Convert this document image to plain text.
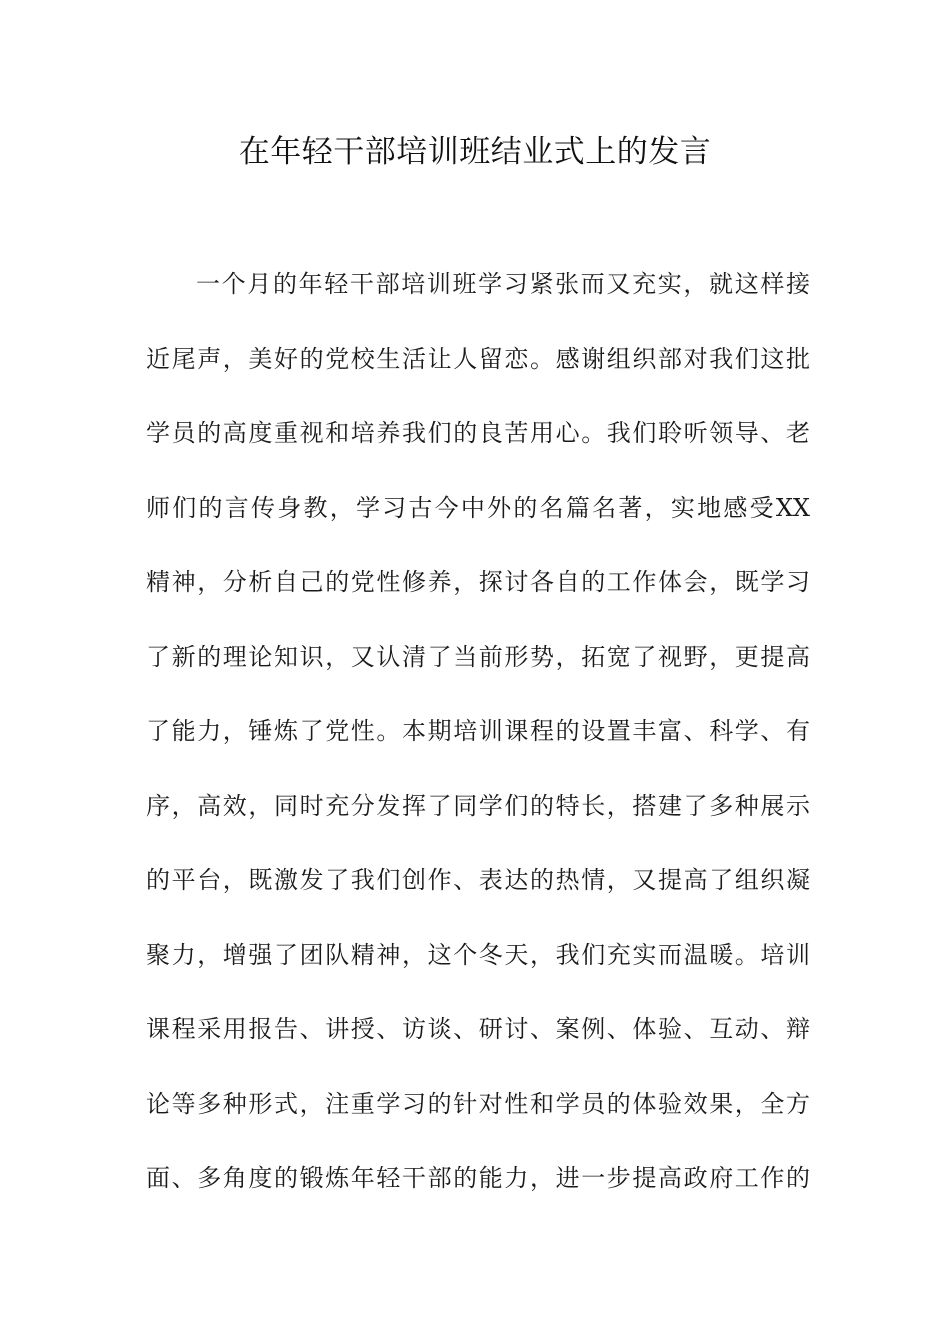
在年轻干部培训班结业式上的发言
一个月的年轻干部培训班学习紧张而又充实，就这样接
近尾声，美好的党校生活让人留恋。感谢组织部对我们这批
学员的高度重视和培养我们的良苦用心。我们聆听领导、老
师们的言传身教，学习古今中外的名篇名著，实地感受XX
精神，分析自己的党性修养，探讨各自的工作体会，既学习
了新的理论知识，又认清了当前形势，拓宽了视野，更提高
了能力，锤炼了党性。本期培训课程的设置丰富、科学、有
序，高效，同时充分发挥了同学们的特长，搭建了多种展示
的平台，既激发了我们创作、表达的热情，又提高了组织凝
聚力，增强了团队精神，这个冬天，我们充实而温暖。培训
课程采用报告、讲授、访谈、研讨、案例、体验、互动、辩
论等多种形式，注重学习的针对性和学员的体验效果，全方
面、多角度的锻炼年轻干部的能力，进一步提高政府工作的
